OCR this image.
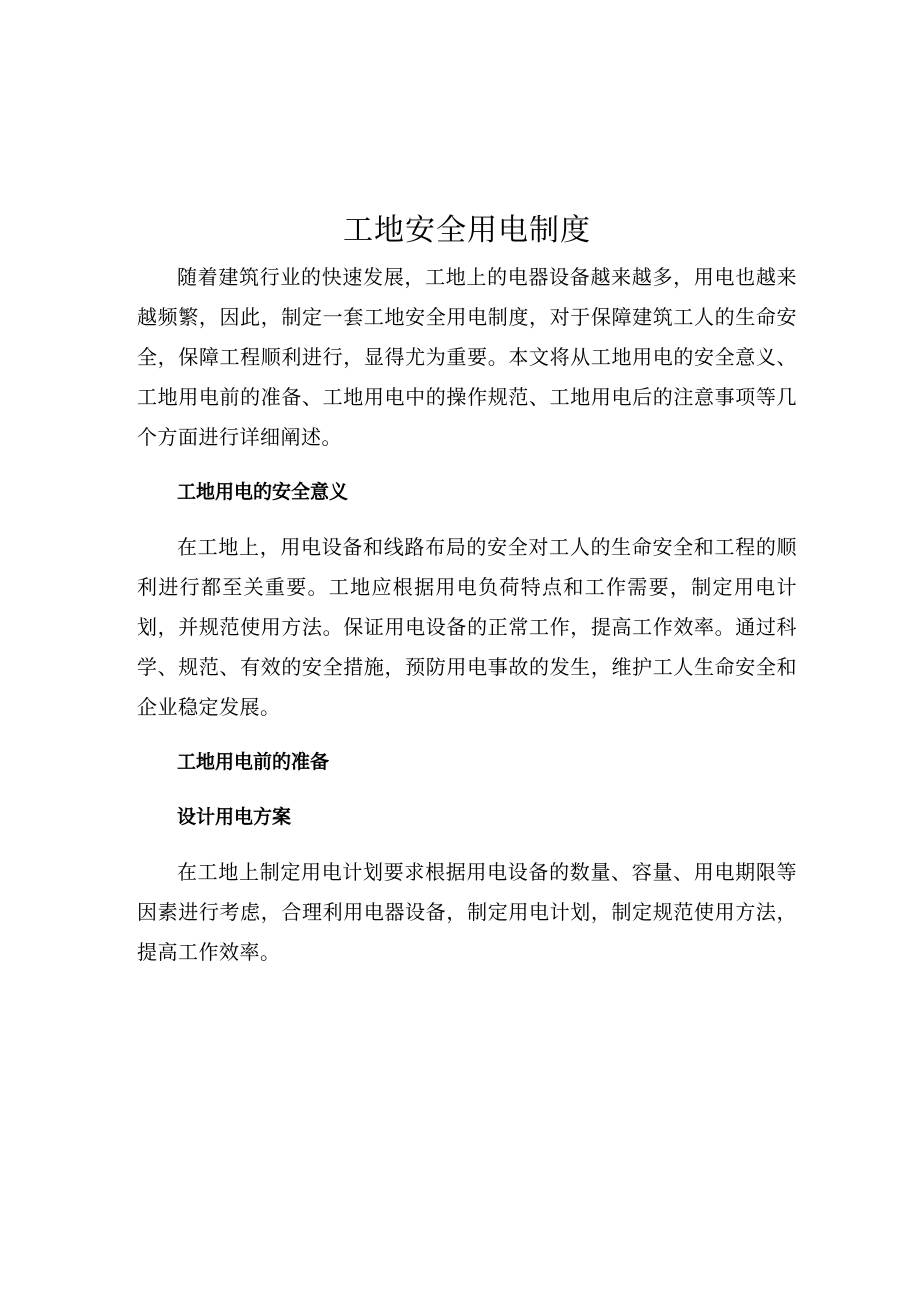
工地安全用电制度

随着建筑行业的快速发展，工地上的电器设备越来越多，用电也越来越频繁，因此，制定一套工地安全用电制度，对于保障建筑工人的生命安全，保障工程顺利进行，显得尤为重要。本文将从工地用电的安全意义、工地用电前的准备、工地用电中的操作规范、工地用电后的注意事项等几个方面进行详细阐述。

工地用电的安全意义

在工地上，用电设备和线路布局的安全对工人的生命安全和工程的顺利进行都至关重要。工地应根据用电负荷特点和工作需要，制定用电计划，并规范使用方法。保证用电设备的正常工作，提高工作效率。通过科学、规范、有效的安全措施，预防用电事故的发生，维护工人生命安全和企业稳定发展。

工地用电前的准备
设计用电方案

在工地上制定用电计划要求根据用电设备的数量、容量、用电期限等因素进行考虑，合理利用电器设备，制定用电计划，制定规范使用方法，提高工作效率。
